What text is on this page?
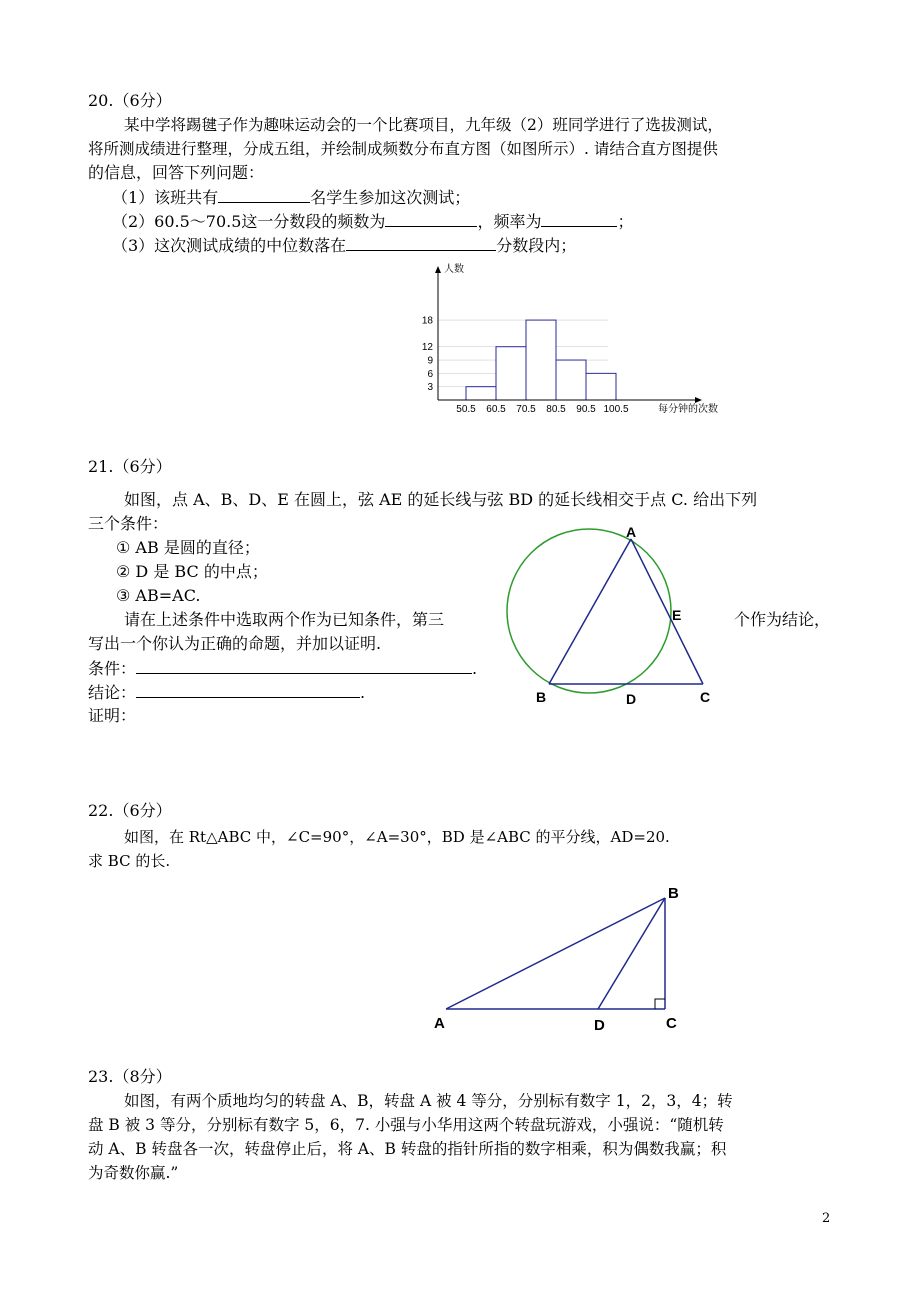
20.（6分）
某中学将踢毽子作为趣味运动会的一个比赛项目，九年级（2）班同学进行了选拔测试，
将所测成绩进行整理，分成五组，并绘制成频数分布直方图（如图所示）. 请结合直方图提供
的信息，回答下列问题：
（1）该班共有	名学生参加这次测试；
（2）60.5～70.5这一分数段的频数为	，频率为	；
（3）这次测试成绩的中位数落在	分数段内；
人数
每分钟的次数
3
6
9
12
18
50.5 60.5 70.5 80.5 90.5 100.5
21.（6分）
如图，点 A、B、D、E 在圆上，弦 AE 的延长线与弦 BD 的延长线相交于点 C. 给出下列
三个条件：
① AB 是圆的直径；
② D 是 BC 的中点；
③ AB=AC.
请在上述条件中选取两个作为已知条件，第三	个作为结论，
写出一个你认为正确的命题，并加以证明.
条件：	.
结论：	.
证明：
A
B	D
E
C
22.（6分）
如图，在 Rt△ABC 中，∠C=90°，∠A=30°，BD 是∠ABC 的平分线，AD=20.
求 BC 的长.
A
B
C
D
23.（8分）
如图，有两个质地均匀的转盘 A、B，转盘 A 被 4 等分，分别标有数字 1，2，3，4；转
盘 B 被 3 等分，分别标有数字 5，6，7. 小强与小华用这两个转盘玩游戏，小强说：“随机转
动 A、B 转盘各一次，转盘停止后，将 A、B 转盘的指针所指的数字相乘，积为偶数我赢；积
为奇数你赢.”
2
